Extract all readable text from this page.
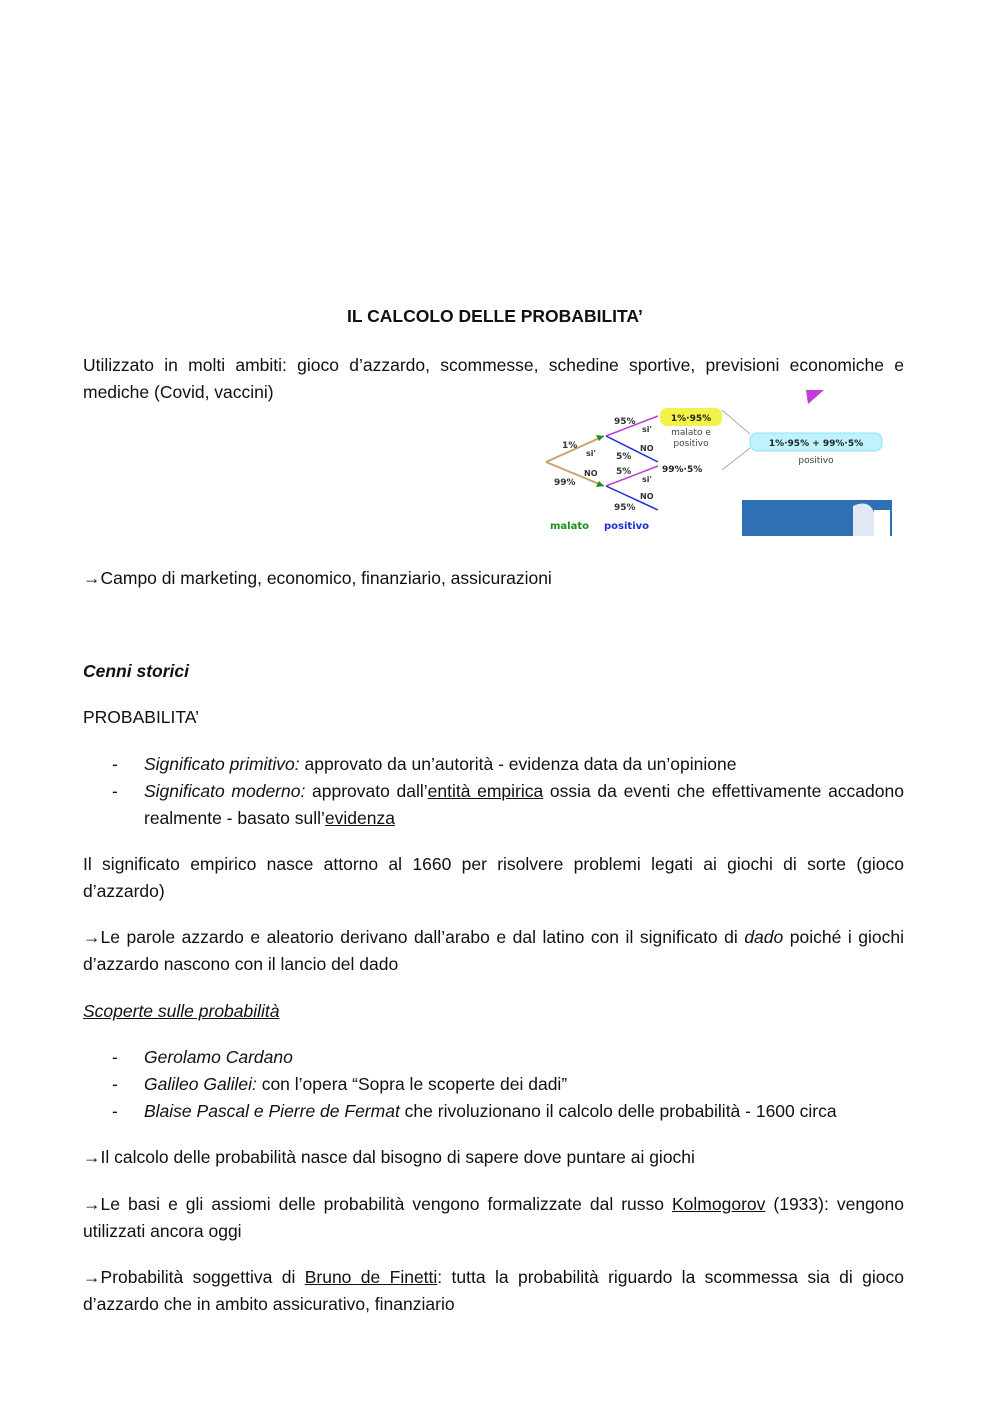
IL CALCOLO DELLE PROBABILITA’
Utilizzato in molti ambiti: gioco d’azzardo, scommesse, schedine sportive, previsioni economiche e mediche (Covid, vaccini)
1%
99%
si'
NO
95%
5%
5%
95%
si'
NO
si'
NO
1%·95%
malato e
positivo
99%·5%
1%·95% + 99%·5%
positivo
malato positivo
→Campo di marketing, economico, finanziario, assicurazioni
Cenni storici
PROBABILITA’
- Significato primitivo: approvato da un’autorità - evidenza data da un’opinione
- Significato moderno: approvato dall’entità empirica ossia da eventi che effettivamente accadono realmente - basato sull’evidenza
Il significato empirico nasce attorno al 1660 per risolvere problemi legati ai giochi di sorte (gioco d’azzardo)
→Le parole azzardo e aleatorio derivano dall’arabo e dal latino con il significato di dado poiché i giochi d’azzardo nascono con il lancio del dado
Scoperte sulle probabilità
- Gerolamo Cardano
- Galileo Galilei: con l’opera “Sopra le scoperte dei dadi”
- Blaise Pascal e Pierre de Fermat che rivoluzionano il calcolo delle probabilità - 1600 circa
→Il calcolo delle probabilità nasce dal bisogno di sapere dove puntare ai giochi
→Le basi e gli assiomi delle probabilità vengono formalizzate dal russo Kolmogorov (1933): vengono utilizzati ancora oggi
→Probabilità soggettiva di Bruno de Finetti: tutta la probabilità riguardo la scommessa sia di gioco d’azzardo che in ambito assicurativo, finanziario
